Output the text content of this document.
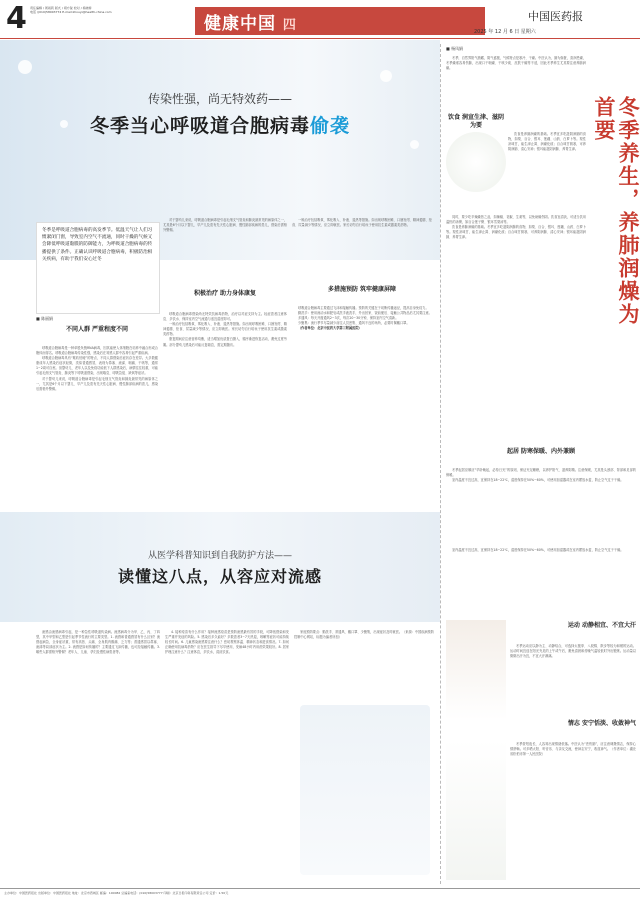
4 责任编辑 / 周雨莉 版式 / 胡方锐 校对 / 杨晓娇
电话 /(010)58003774 E-mail:zhouyi@health-china.com
健康中国 四
中国医药报
2025 年 12 月 6 日 星期六
传染性强，尚无特效药——
冬季当心呼吸道合胞病毒偷袭
冬季是呼吸道合胞病毒的高发季节。低温天气让人们习惯紧闭门窗，导致室内空气不流通，同时干燥的气候又会降低呼吸道黏膜的防御能力，为呼吸道合胞病毒的传播提供了条件。正确认识呼吸道合胞病毒，积极防治相关疾病，有助于我们安心过冬
■ 陈丽娟
不同人群 严重程度不同

呼吸道合胞病毒是一种单股负链RNA病毒，因其能使人体细胞在培养中融合形成合胞体而得名。呼吸道合胞病毒传染性强，感染后在易感人群中容易引起严重疾病。

呼吸道合胞病毒具有“欺软怕硬”的特点，不同人群感染后症状存在差异。大多数健康成年人感染后症状轻微，类似普通感冒，表现为鼻塞、流涕、咽痛、干咳等，通常1~2周可自愈。但婴幼儿、老年人以及免疫功能低下人群感染后，病情往往较重，可能引起毛细支气管炎、肺炎等下呼吸道感染，出现喘息、呼吸急促、缺氧等症状。

对于婴幼儿来说，呼吸道合胞病毒是引起毛细支气管炎和肺炎最常见的病原体之一，尤其是6个月以下婴儿、早产儿及患有先天性心脏病、慢性肺部疾病的患儿，感染后需格外警惕。

对于婴幼儿来说，呼吸道合胞病毒是引起毛细支气管炎和肺炎最常见的病原体之一，尤其是6个月以下婴儿、早产儿及患有先天性心脏病、慢性肺部疾病的患儿，感染后需格外警惕。

积极治疗 助力身体康复

呼吸道合胞病毒感染尚无特效抗病毒药物，治疗以对症支持为主。轻症患者注意休息、多饮水、保持室内空气流通与适宜湿度即可。

一般治疗包括吸氧、雾化吸入、补液、退热等措施。如出现呼吸困难、口唇发绀、精神萎靡、拒食、尿量减少等情况，应立即就医。家长切勿自行给孩子使用抗生素或激素类药物。

康复期间应注意营养均衡，适当增加优质蛋白摄入，循序渐进恢复活动，避免过度劳累。部分婴幼儿感染后可能反复喘息，需定期随访。

一般治疗包括吸氧、雾化吸入、补液、退热等措施。如出现呼吸困难、口唇发绀、精神萎靡、拒食、尿量减少等情况，应立即就医。家长切勿自行给孩子使用抗生素或激素类药物。

多措施预防 筑牢健康屏障

呼吸道合胞病毒主要通过飞沫和接触传播。预防的关键在于切断传播途径，提高自身免疫力。

勤洗手：使用流动水和肥皂或洗手液洗手，外出回家、饭前便后、接触公共物品后尤其要注意。

多通风：每天开窗通风2~3次，每次20~30分钟，保持室内空气清新。

少聚集：流行季节尽量减少前往人员密集、通风不良的场所，必要时佩戴口罩。

（作者单位：北京中医药大学第三附属医院）

从医学科普知识到自我防护方法——
读懂这八点，从容应对流感

流感由流感病毒引起，是一种急性呼吸道传染病。流感病毒分为甲、乙、丙、丁四型，其中甲型和乙型是引起季节性流行的主要类型。1. 流感和普通感冒有什么区别？流感起病急，全身症状重，常有高热、头痛、全身肌肉酸痛、乏力等；普通感冒以鼻塞、流涕等局部症状为主。2. 流感是如何传播的？主要通过飞沫传播，也可经接触传播。3. 哪些人群需格外警惕？老年人、儿童、孕妇及慢性病患者等。

4. 接种疫苗有什么作用？接种流感疫苗是预防流感最有效的手段，可降低感染和发生严重并发症的风险。5. 感染后多久能好？多数患者3~7天热退，咳嗽等症状可能持续较长时间。6. 儿童感染流感要注意什么？密切观察体温、精神状态和进食情况。7. 如何正确使用抗病毒药物？应在医生指导下尽早使用，发病48小时内用药效果较好。8. 居家护理注意什么？注意休息，多饮水，清淡饮食。

家庭预防要点：勤洗手、常通风、戴口罩、少聚集，出现症状及时就医。（来源：中国疾病预防控制中心网站，标题为编者所加）

■ 杨凤娟

冬季，自然界阳气潜藏，阴气盛极，气候特点是寒冷、干燥。中医认为，肺为娇脏，喜润恶燥，冬季燥邪容易伤肺，出现口干咽燥、干咳少痰、皮肤干燥等不适，因此冬季养生尤其要注意养肺润燥。

冬季养生，养肺润燥为首要
饮食 润宣生津、滋阴为要

饮食是养肺润燥的基础。冬季宜多吃滋阴润肺的食物，如梨、百合、银耳、莲藕、山药、白萝卜等。梨性凉味甘，能生津止渴、润燥化痰；百合味甘微寒，可养阴润肺、清心安神；银耳能滋阴润肺、养胃生津。

同时，要少吃辛辣燥热之品，如辣椒、花椒、生姜等，以免助燥伤阴。饮食宜清淡，可适当饮用温热的汤粥，如百合莲子粥、银耳雪梨汤等。

饮食是养肺润燥的基础。冬季宜多吃滋阴润肺的食物，如梨、百合、银耳、莲藕、山药、白萝卜等。梨性凉味甘，能生津止渴、润燥化痰；百合味甘微寒，可养阴润肺、清心安神；银耳能滋阴润肺、养胃生津。

起居 防寒保暖、内外兼顾

冬季起居应顺应“早卧晚起，必待日光”的原则，保证充足睡眠，以养护阳气、滋养阴精。注意保暖，尤其是头颈部、背部和足部的保暖。

室内温度不宜过高，宜保持在18~22℃，湿度保持在50%~60%，可使用加湿器或在室内摆放水盆，防止空气过于干燥。

室内温度不宜过高，宜保持在18~22℃，湿度保持在50%~60%，可使用加湿器或在室内摆放水盆，防止空气过于干燥。

运动 动静相宜、不宜大汗

冬季运动应以静为主、动静结合，可选择太极拳、八段锦、散步等较为和缓的运动。运动时间宜选在阳光充足的上午或午后，避免清晨和傍晚气温较低时外出锻炼。运动量以微微出汗为宜，不宜大汗淋漓。

情志 安宁恬淡、收敛神气

冬季昼短夜长，人容易出现情绪低落。中医认为“悲伤肺”，应注意调摄情志，保持心情舒畅。可多晒太阳、听音乐、与亲友交流，使神志安宁，收敛神气。（作者单位：湖北省松柏市第一人民医院）

主办单位：中国医药报社 出版单位：中国医药报社 地址：北京市西城区 邮编：100082 总编室电话：(010)58003777 印刷：北京日报印务有限责任公司 定价：1.50元
